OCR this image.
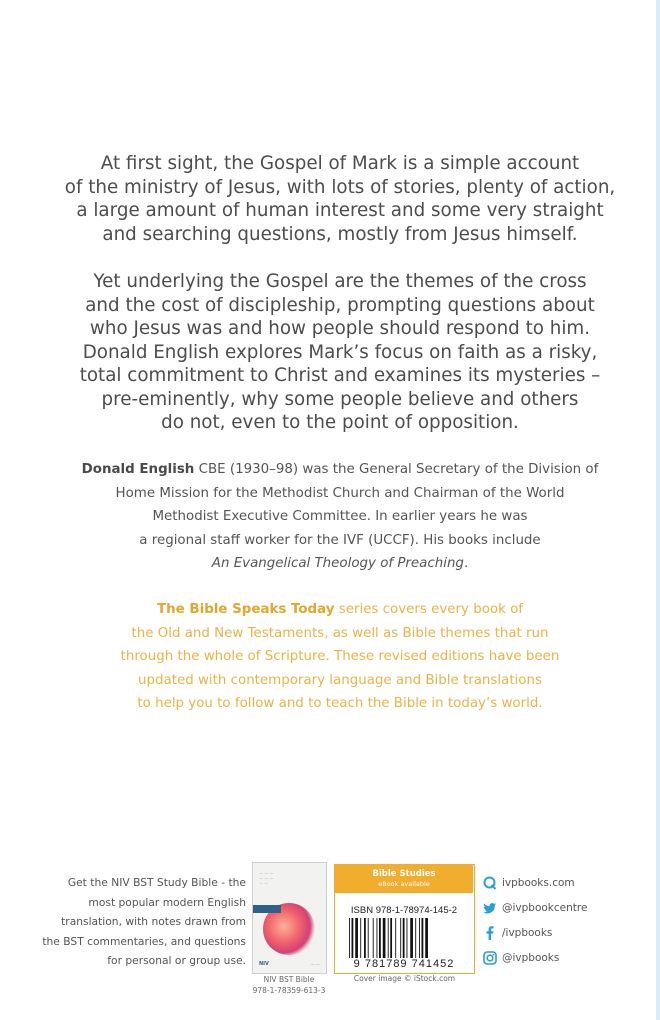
At first sight, the Gospel of Mark is a simple account
of the ministry of Jesus, with lots of stories, plenty of action,
a large amount of human interest and some very straight
and searching questions, mostly from Jesus himself.

Yet underlying the Gospel are the themes of the cross
and the cost of discipleship, prompting questions about
who Jesus was and how people should respond to him.
Donald English explores Mark’s focus on faith as a risky,
total commitment to Christ and examines its mysteries –
pre-eminently, why some people believe and others
do not, even to the point of opposition.

Donald English CBE (1930–98) was the General Secretary of the Division of
Home Mission for the Methodist Church and Chairman of the World
Methodist Executive Committee. In earlier years he was
a regional staff worker for the IVF (UCCF). His books include
An Evangelical Theology of Preaching.

The Bible Speaks Today series covers every book of
the Old and New Testaments, as well as Bible themes that run
through the whole of Scripture. These revised editions have been
updated with contemporary language and Bible translations
to help you to follow and to teach the Bible in today’s world.

Get the NIV BST Study Bible - the
most popular modern English
translation, with notes drawn from
the BST commentaries, and questions
for personal or group use.

— — —
— — —
— —
NIV	— —
NIV BST Bible
978-1-78359-613-3
Bible Studies
eBook available
ISBN 978-1-78974-145-2
9 781789 741452
Cover image © iStock.com
ivpbooks.com
@ivpbookcentre
/ivpbooks
@ivpbooks
